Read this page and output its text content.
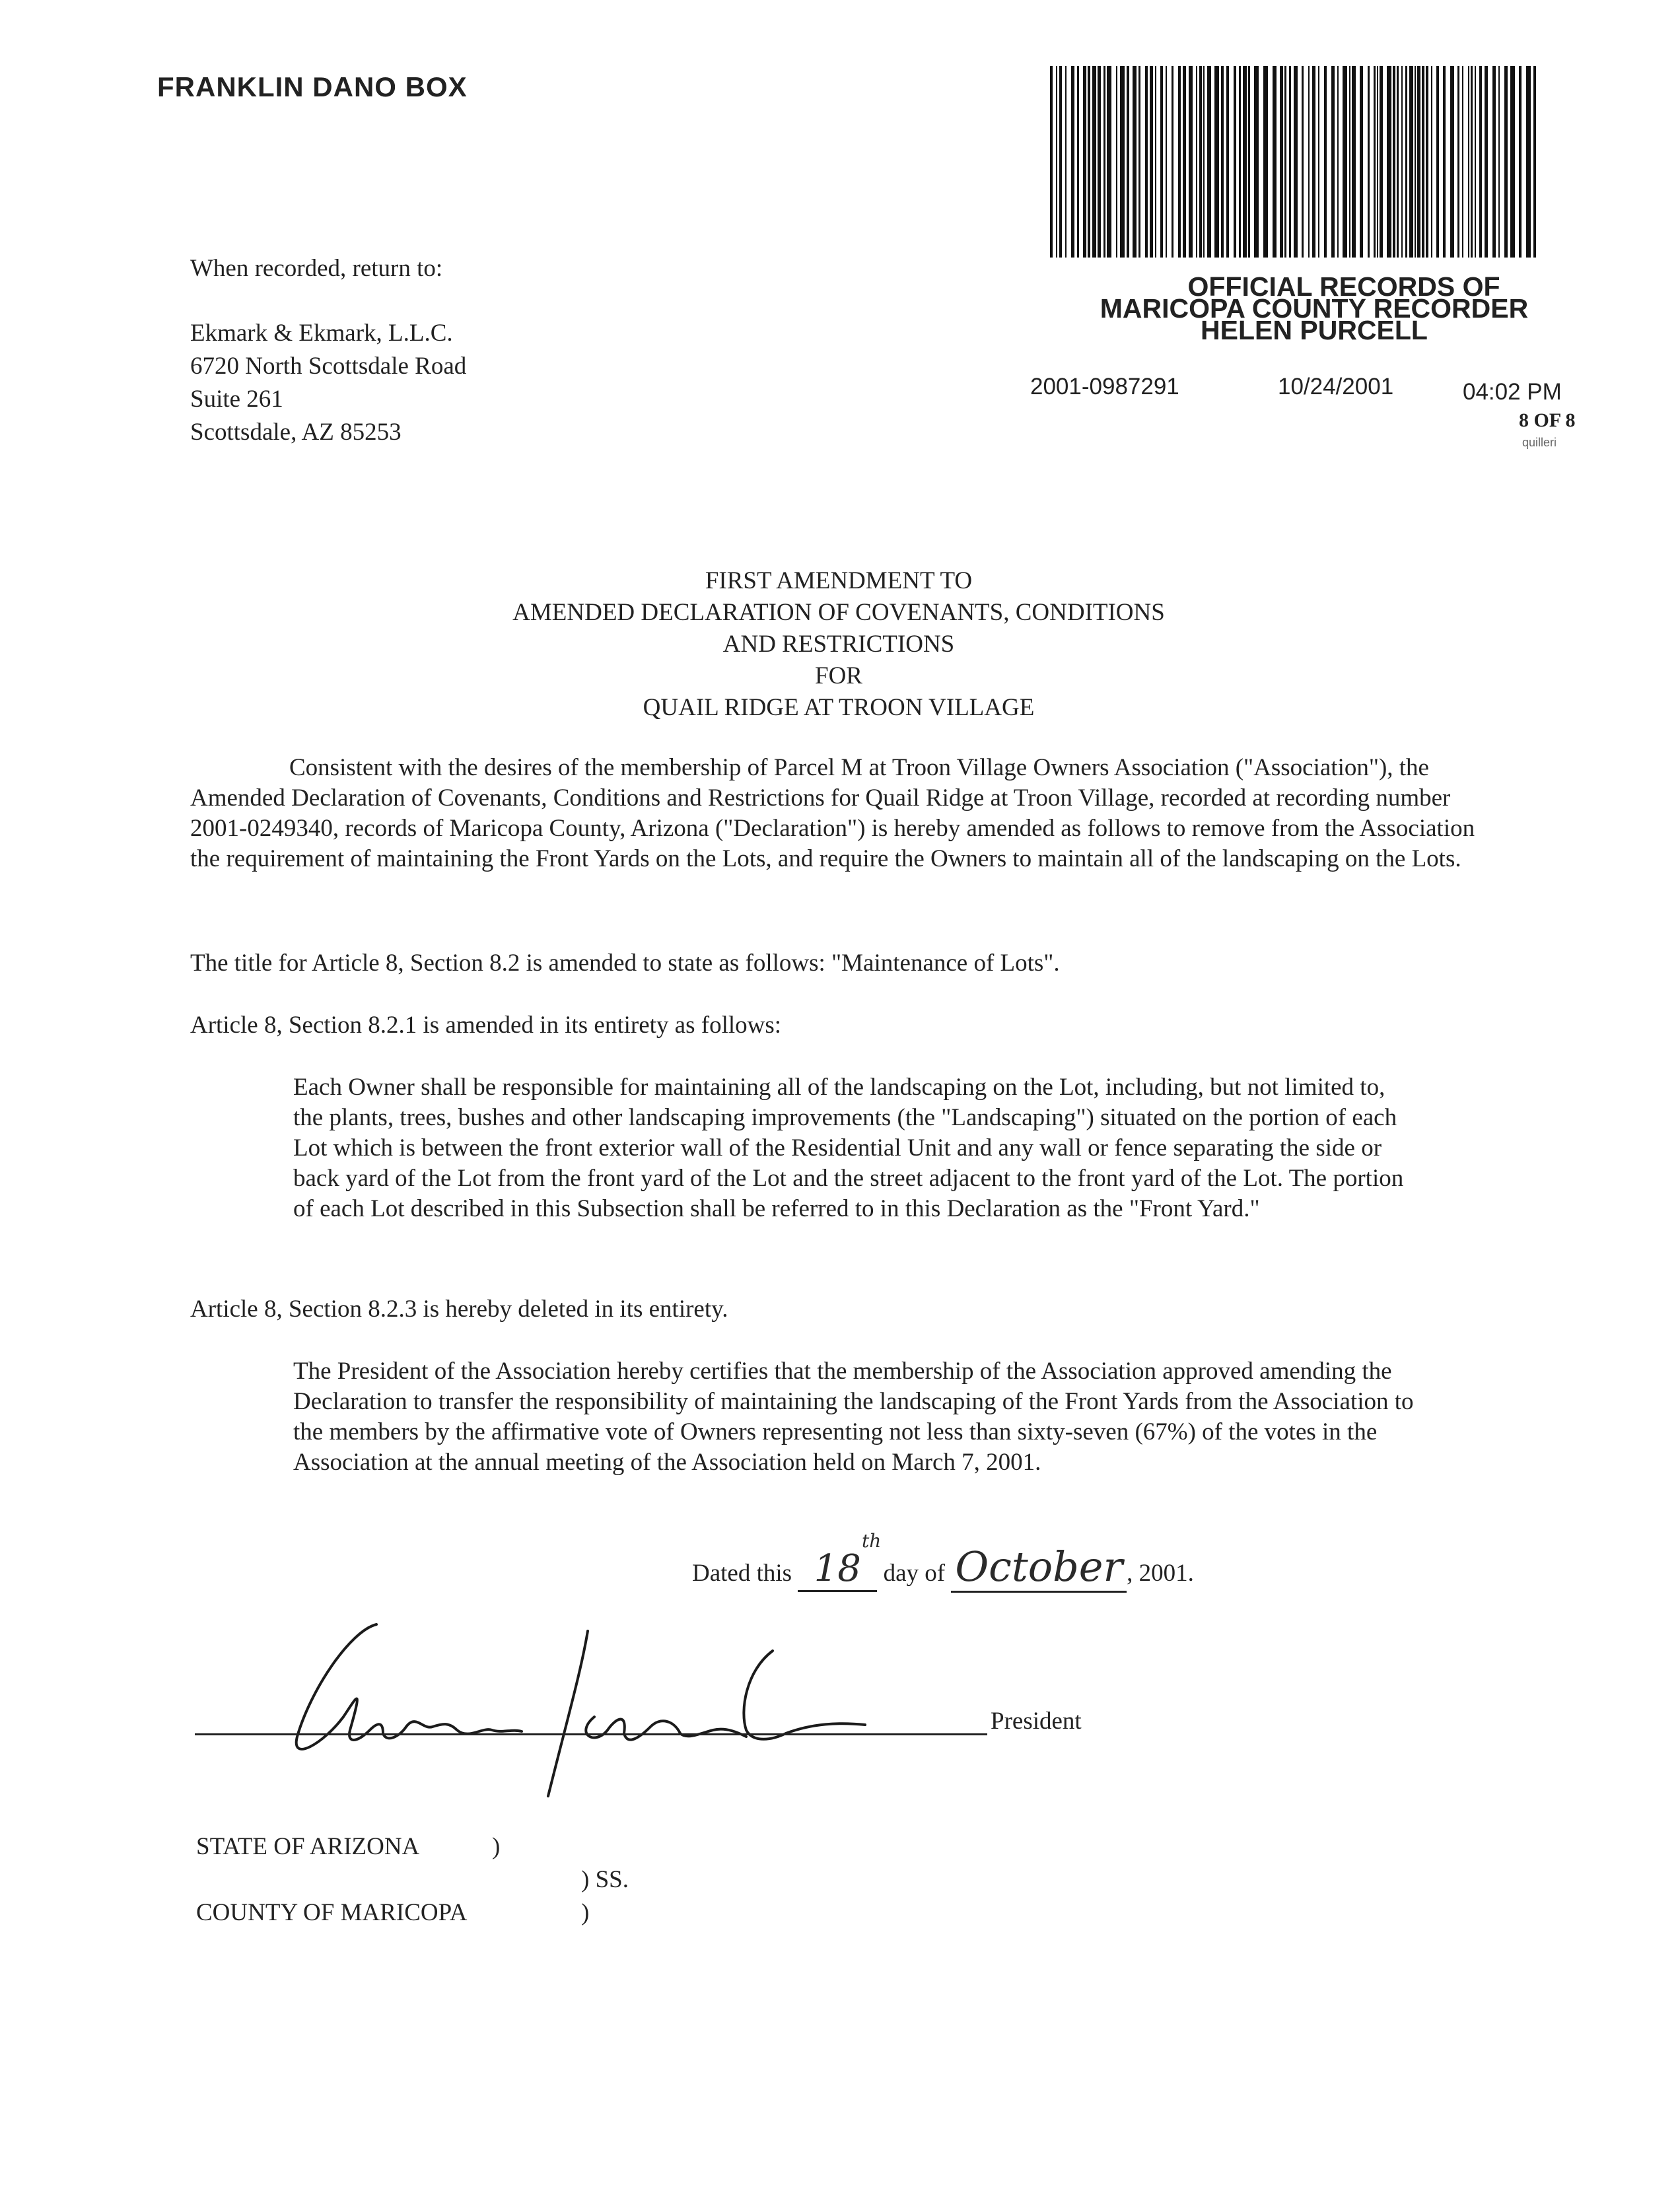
FRANKLIN DANO BOX
When recorded, return to:
Ekmark & Ekmark, L.L.C.
6720 North Scottsdale Road
Suite 261
Scottsdale, AZ 85253
OFFICIAL RECORDS OF
MARICOPA COUNTY RECORDER
HELEN PURCELL
2001-0987291	10/24/2001	04:02 PM
8 OF 8
quilleri
FIRST AMENDMENT TO
AMENDED DECLARATION OF COVENANTS, CONDITIONS
AND RESTRICTIONS
FOR
QUAIL RIDGE AT TROON VILLAGE
Consistent with the desires of the membership of Parcel M at Troon Village Owners Association ("Association"), the Amended Declaration of Covenants, Conditions and Restrictions for Quail Ridge at Troon Village, recorded at recording number 2001-0249340, records of Maricopa County, Arizona ("Declaration") is hereby amended as follows to remove from the Association the requirement of maintaining the Front Yards on the Lots, and require the Owners to maintain all of the landscaping on the Lots.
The title for Article 8, Section 8.2 is amended to state as follows: "Maintenance of Lots".
Article 8, Section 8.2.1 is amended in its entirety as follows:
Each Owner shall be responsible for maintaining all of the landscaping on the Lot, including, but not limited to, the plants, trees, bushes and other landscaping improvements (the "Landscaping") situated on the portion of each Lot which is between the front exterior wall of the Residential Unit and any wall or fence separating the side or back yard of the Lot from the front yard of the Lot and the street adjacent to the front yard of the Lot. The portion of each Lot described in this Subsection shall be referred to in this Declaration as the "Front Yard."
Article 8, Section 8.2.3 is hereby deleted in its entirety.
The President of the Association hereby certifies that the membership of the Association approved amending the Declaration to transfer the responsibility of maintaining the landscaping of the Front Yards from the Association to the members by the affirmative vote of Owners representing not less than sixty-seven (67%) of the votes in the Association at the annual meeting of the Association held on March 7, 2001.
Dated this 18
th
day of October , 2001.
President
STATE OF ARIZONA	)
) SS.
COUNTY OF MARICOPA	)
